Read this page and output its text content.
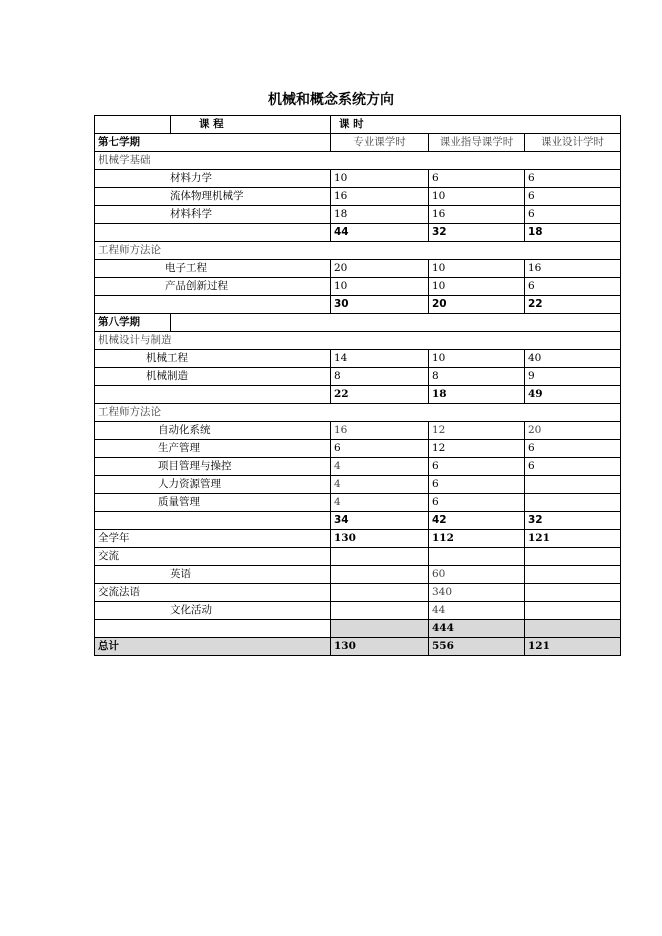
机械和概念系统方向
	课 程	课 时		
第七学期		专业课学时	课业指导课学时	课业设计学时
机械学基础				
材料力学		10	6	6
流体物理机械学		16	10	6
材料科学		18	16	6
		44	32	18
工程师方法论				
电子工程		20	10	16
产品创新过程		10	10	6
		30	20	22
第八学期				
机械设计与制造				
机械工程		14	10	40
机械制造		8	8	9
		22	18	49
工程师方法论				
自动化系统		16	12	20
生产管理		6	12	6
项目管理与操控		4	6	6
人力资源管理		4	6	
质量管理		4	6	
		34	42	32
全学年		130	112	121
交流				
英语			60	
交流法语			340	
文化活动			44	
			444	
总计		130	556	121
